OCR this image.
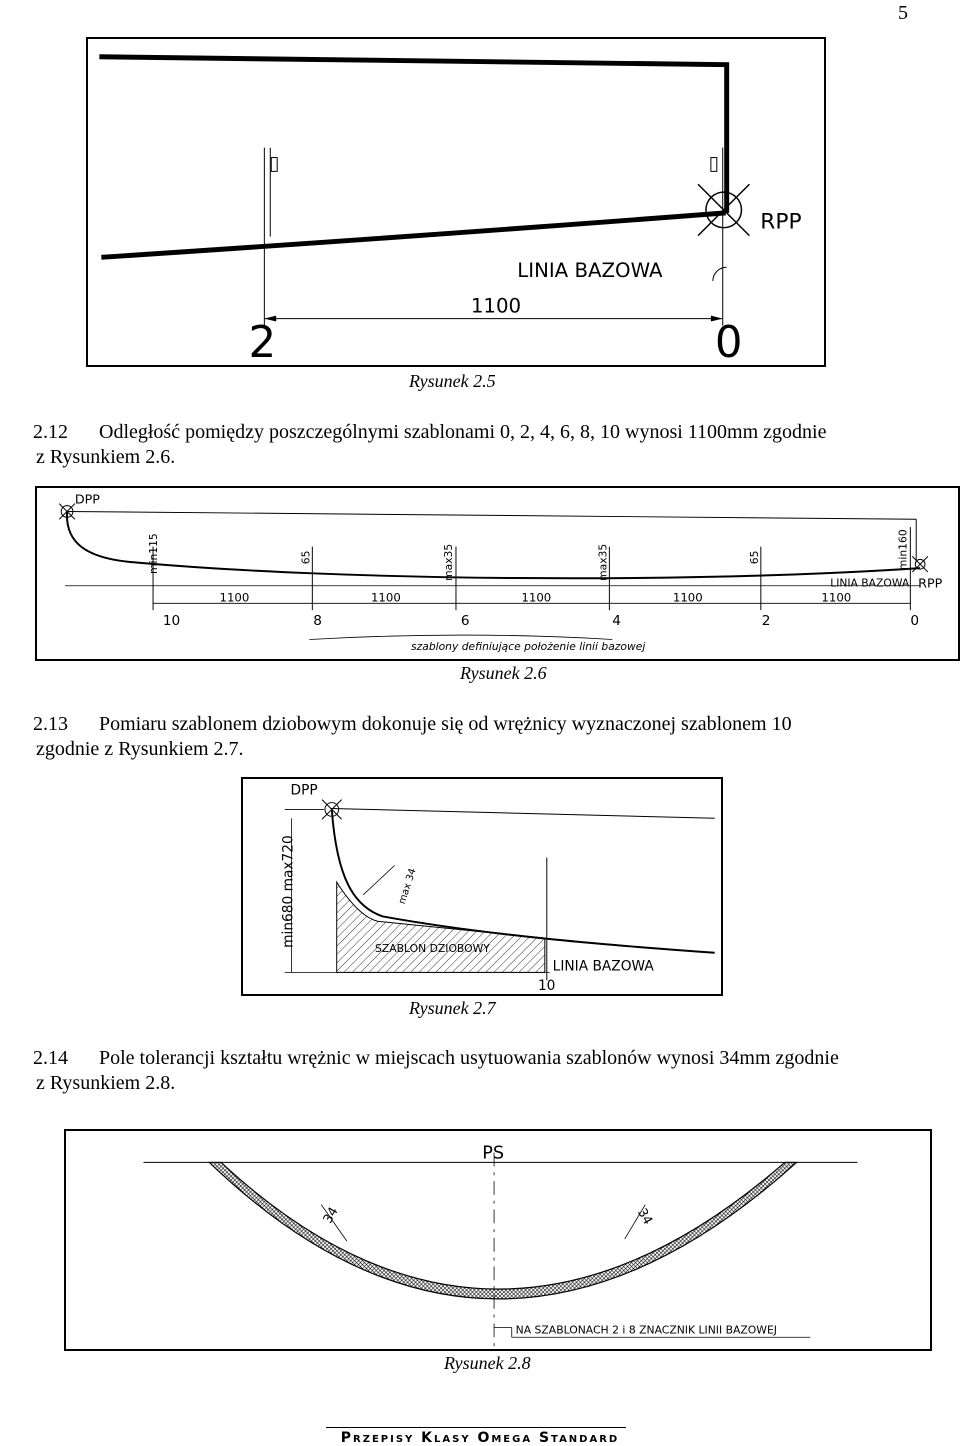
5
RPP
LINIA BAZOWA
1100
2	0
Rysunek 2.5
2.12 Odległość pomiędzy poszczególnymi szablonami 0, 2, 4, 6, 8, 10 wynosi 1100mm zgodnie
z Rysunkiem 2.6.
DPP
LINIA BAZOWA RPP
min115	65	max35	max35	65	min160
1100	1100	1100	1100	1100
10	8	6	4	2	0
szablony definiujące położenie linii bazowej
Rysunek 2.6
2.13 Pomiaru szablonem dziobowym dokonuje się od wrężnicy wyznaczonej szablonem 10
zgodnie z Rysunkiem 2.7.
DPP
min680 max720	max 34
SZABLON DZIOBOWY
LINIA BAZOWA
10
Rysunek 2.7
2.14 Pole tolerancji kształtu wrężnic w miejscach usytuowania szablonów wynosi 34mm zgodnie
z Rysunkiem 2.8.
PS
34	34
NA SZABLONACH 2 i 8 ZNACZNIK LINII BAZOWEJ
Rysunek 2.8
Przepisy Klasy Omega Standard
